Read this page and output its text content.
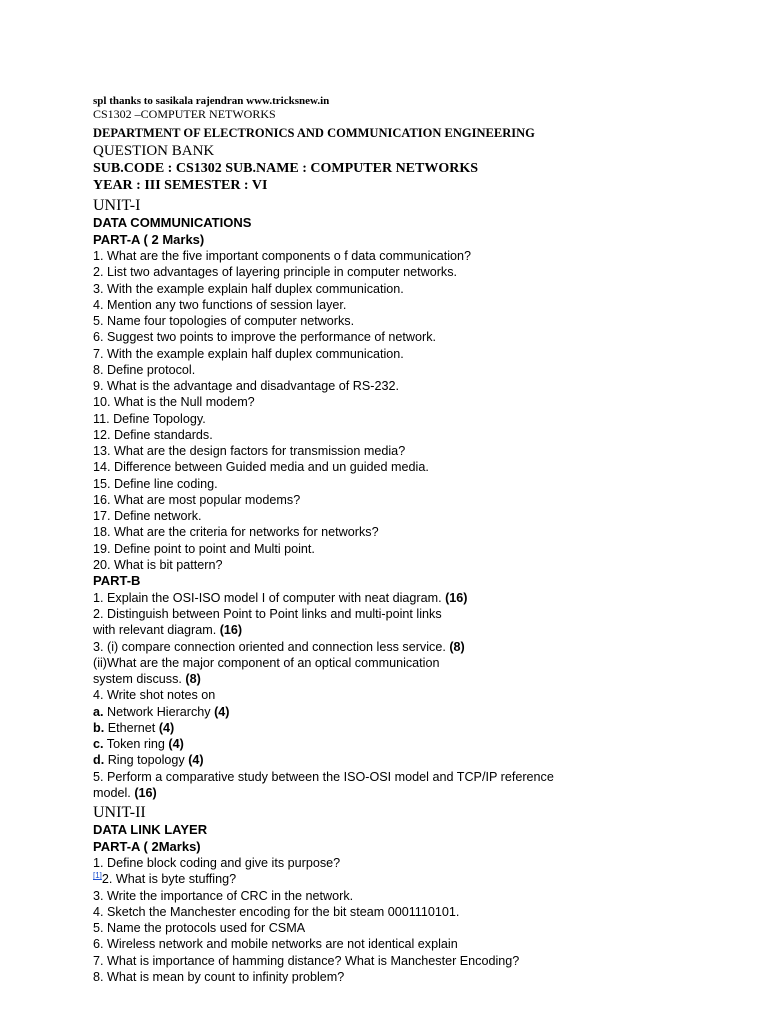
spl thanks to sasikala rajendran www.tricksnew.in
CS1302 –COMPUTER NETWORKS
DEPARTMENT OF ELECTRONICS AND COMMUNICATION ENGINEERING
QUESTION BANK
SUB.CODE : CS1302 SUB.NAME : COMPUTER NETWORKS
YEAR : III SEMESTER : VI
UNIT-I
DATA COMMUNICATIONS
PART-A ( 2 Marks)
1. What are the five important components o f data communication?
2. List two advantages of layering principle in computer networks.
3. With the example explain half duplex communication.
4. Mention any two functions of session layer.
5. Name four topologies of computer networks.
6. Suggest two points to improve the performance of network.
7. With the example explain half duplex communication.
8. Define protocol.
9. What is the advantage and disadvantage of RS-232.
10. What is the Null modem?
11. Define Topology.
12. Define standards.
13. What are the design factors for transmission media?
14. Difference between Guided media and un guided media.
15. Define line coding.
16. What are most popular modems?
17. Define network.
18. What are the criteria for networks for networks?
19. Define point to point and Multi point.
20. What is bit pattern?
PART-B
1. Explain the OSI-ISO model I of computer with neat diagram. (16)
2. Distinguish between Point to Point links and multi-point links
with relevant diagram. (16)
3. (i) compare connection oriented and connection less service. (8)
(ii)What are the major component of an optical communication
system discuss. (8)
4. Write shot notes on
a. Network Hierarchy (4)
b. Ethernet (4)
c. Token ring (4)
d. Ring topology (4)
5. Perform a comparative study between the ISO-OSI model and TCP/IP reference
model. (16)
UNIT-II
DATA LINK LAYER
PART-A ( 2Marks)
1. Define block coding and give its purpose?
[1]2. What is byte stuffing?
3. Write the importance of CRC in the network.
4. Sketch the Manchester encoding for the bit steam 0001110101.
5. Name the protocols used for CSMA
6. Wireless network and mobile networks are not identical explain
7. What is importance of hamming distance? What is Manchester Encoding?
8. What is mean by count to infinity problem?
